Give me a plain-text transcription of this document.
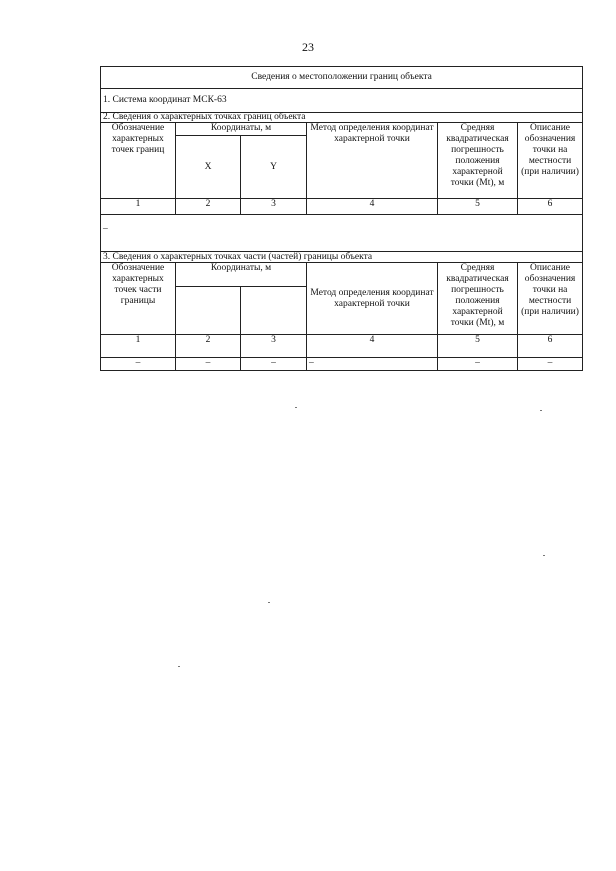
23
Сведения о местоположении границ объекта					
1. Система координат МСК-63					
2. Сведения о характерных точках границ объекта					
Обозначение характерных точек границ	Координаты, м		Метод определения координат характерной точки	Средняя квадратическая погрешность положения характерной точки (Mt), м	Описание обозначения точки на местности (при наличии)
	X	Y			
1	2	3	4	5	6
–					
3. Сведения о характерных точках части (частей) границы объекта					
Обозначение характерных точек части границы	Координаты, м		Метод определения координат характерной точки	Средняя квадратическая погрешность положения характерной точки (Mt), м	Описание обозначения точки на местности (при наличии)

1	2	3	4	5	6
–	–	–	–	–	–
